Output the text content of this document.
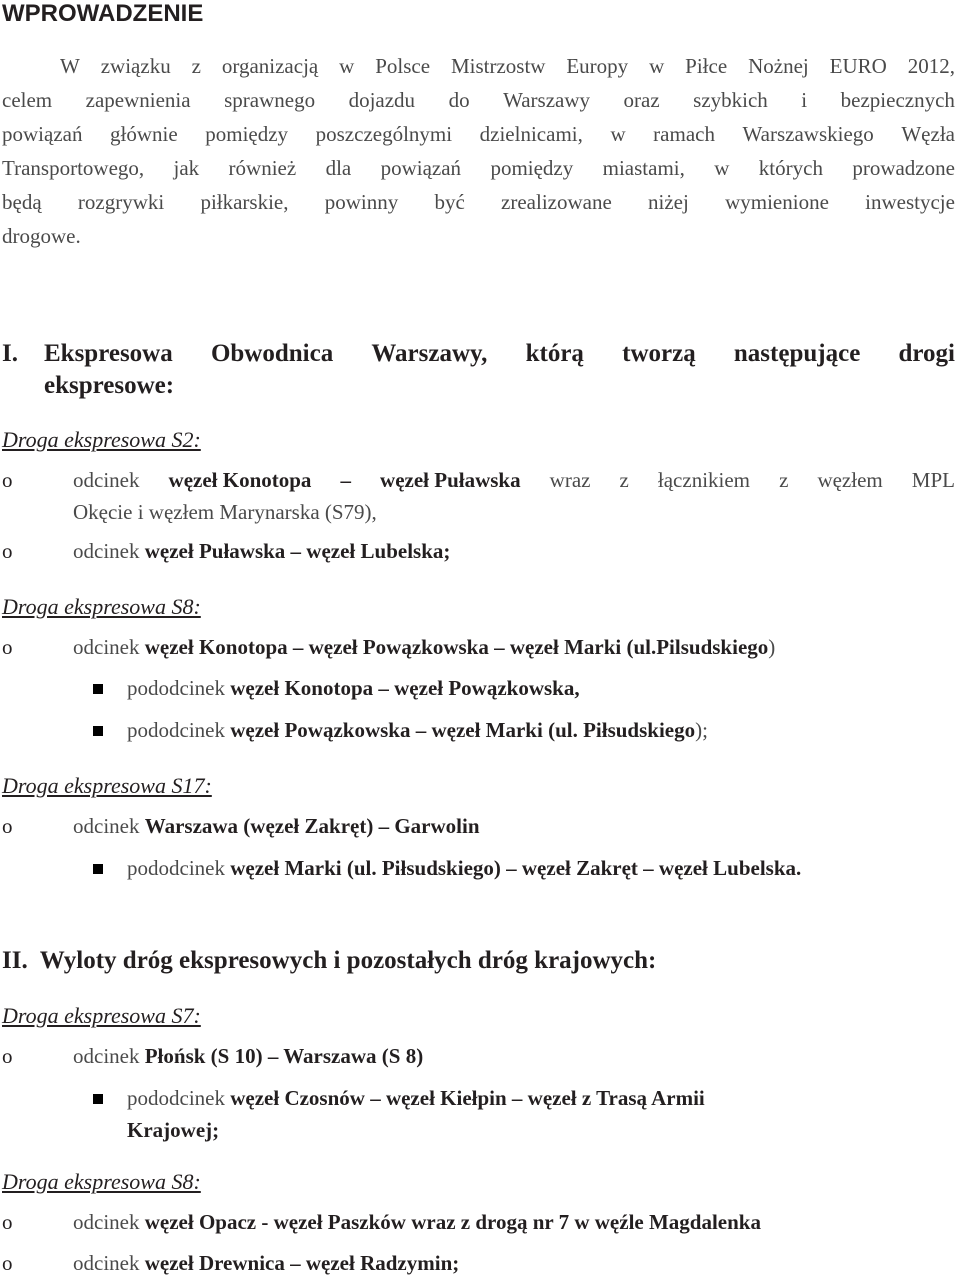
WPROWADZENIE
W związku z organizacją w Polsce Mistrzostw Europy w Piłce Nożnej EURO 2012,
celem zapewnienia sprawnego dojazdu do Warszawy oraz szybkich i bezpiecznych
powiązań głównie pomiędzy poszczególnymi dzielnicami, w ramach Warszawskiego Węzła
Transportowego, jak również dla powiązań pomiędzy miastami, w których prowadzone
będą rozgrywki piłkarskie, powinny być zrealizowane niżej wymienione inwestycje
drogowe.
I. Ekspresowa Obwodnica Warszawy, którą tworzą następujące drogi
ekspresowe:
Droga ekspresowa S2:
o	odcinek węzeł Konotopa – węzeł Puławska wraz z łącznikiem z węzłem MPL
Okęcie i węzłem Marynarska (S79),
o	odcinek węzeł Puławska – węzeł Lubelska;
Droga ekspresowa S8:
o	odcinek węzeł Konotopa – węzeł Powązkowska – węzeł Marki (ul.Pilsudskiego)
pododcinek węzeł Konotopa – węzeł Powązkowska,
pododcinek węzeł Powązkowska – węzeł Marki (ul. Piłsudskiego);
Droga ekspresowa S17:
o	odcinek Warszawa (węzeł Zakręt) – Garwolin
pododcinek węzeł Marki (ul. Piłsudskiego) – węzeł Zakręt – węzeł Lubelska.
II. Wyloty dróg ekspresowych i pozostałych dróg krajowych:
Droga ekspresowa S7:
o	odcinek Płońsk (S 10) – Warszawa (S 8)
pododcinek węzeł Czosnów – węzeł Kiełpin – węzeł z Trasą Armii
Krajowej;
Droga ekspresowa S8:
o	odcinek węzeł Opacz - węzeł Paszków wraz z drogą nr 7 w węźle Magdalenka
o	odcinek węzeł Drewnica – węzeł Radzymin;
